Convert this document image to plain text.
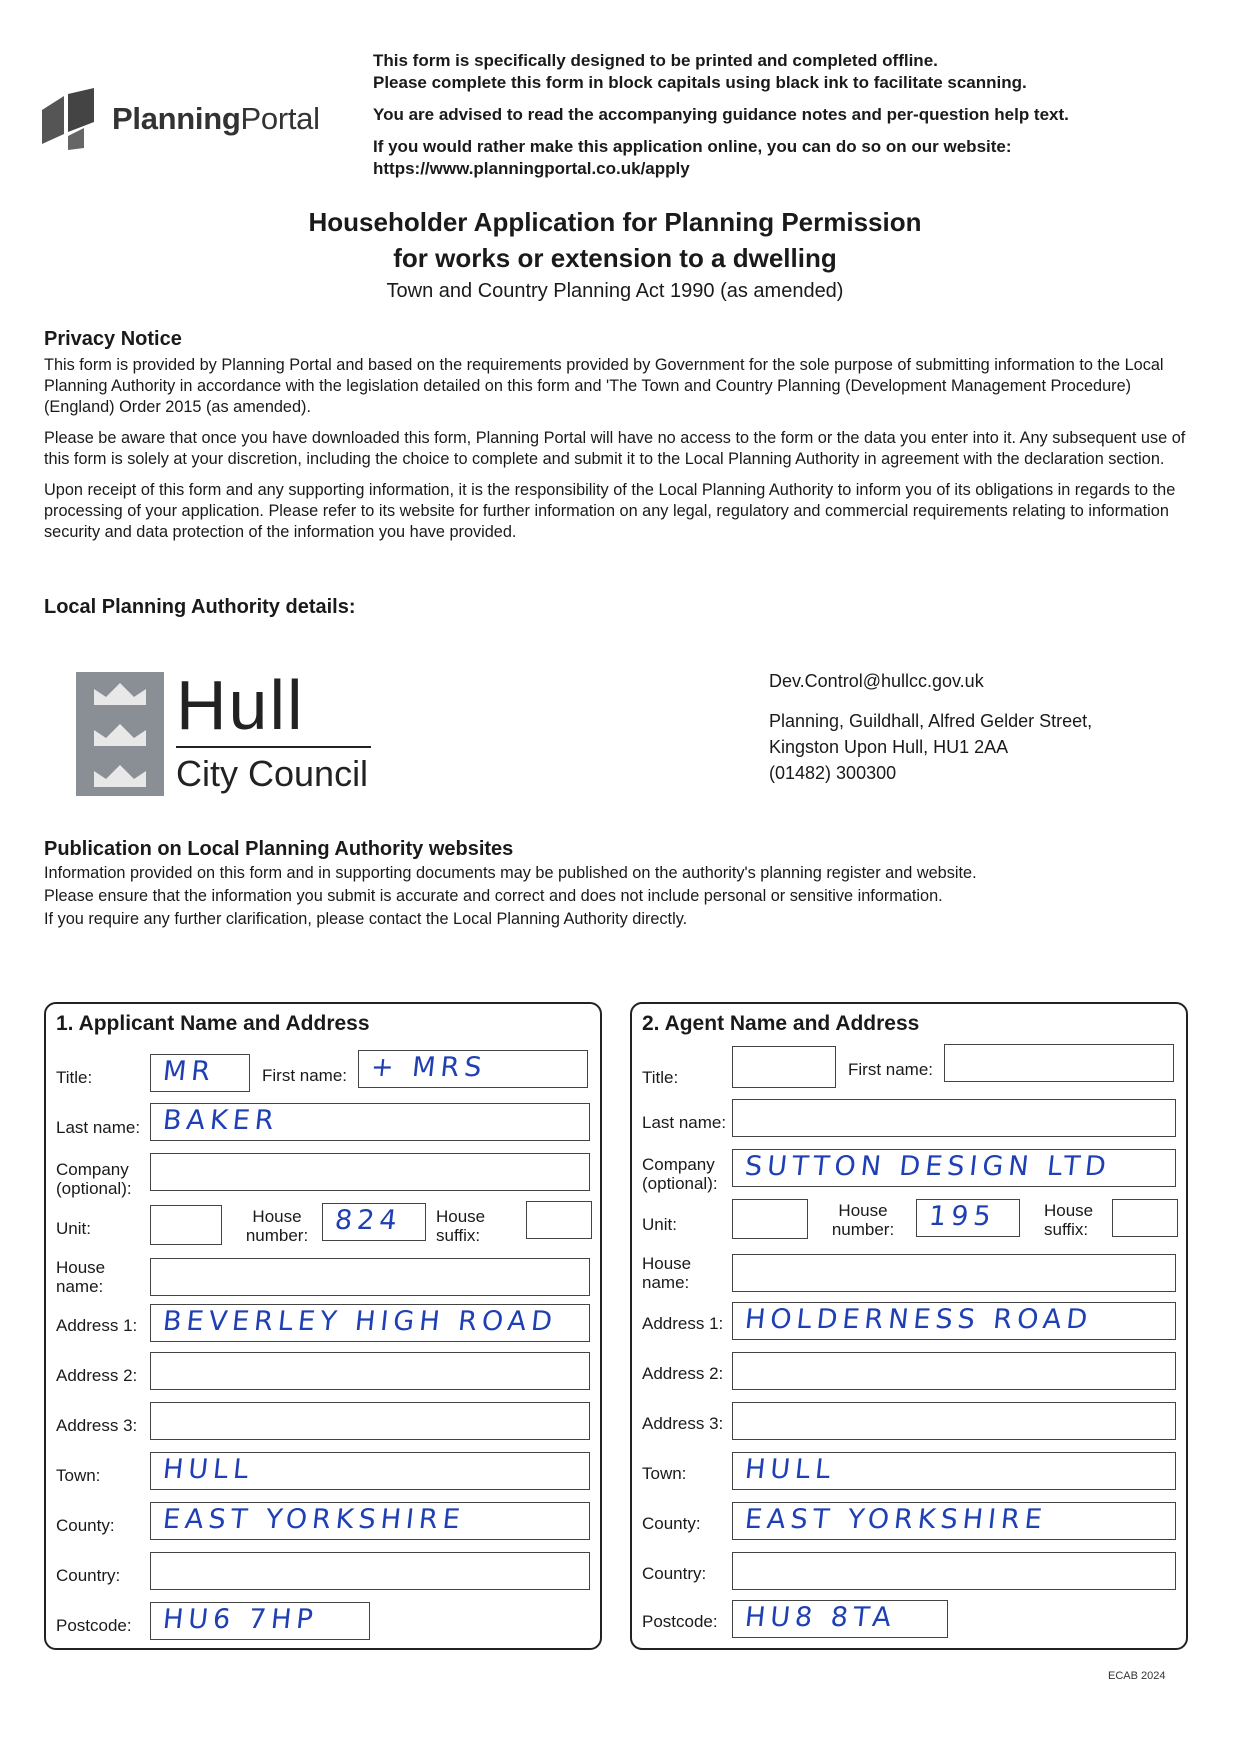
PlanningPortal

This form is specifically designed to be printed and completed offline.

Please complete this form in block capitals using black ink to facilitate scanning.

You are advised to read the accompanying guidance notes and per-question help text.

If you would rather make this application online, you can do so on our website:

https://www.planningportal.co.uk/apply

Householder Application for Planning Permission
for works or extension to a dwelling
Town and Country Planning Act 1990 (as amended)

Privacy Notice

This form is provided by Planning Portal and based on the requirements provided by Government for the sole purpose of submitting information to the Local Planning Authority in accordance with the legislation detailed on this form and 'The Town and Country Planning (Development Management Procedure) (England) Order 2015 (as amended).

Please be aware that once you have downloaded this form, Planning Portal will have no access to the form or the data you enter into it. Any subsequent use of this form is solely at your discretion, including the choice to complete and submit it to the Local Planning Authority in agreement with the declaration section.

Upon receipt of this form and any supporting information, it is the responsibility of the Local Planning Authority to inform you of its obligations in regards to the processing of your application. Please refer to its website for further information on any legal, regulatory and commercial requirements relating to information security and data protection of the information you have provided.

Local Planning Authority details:
Hull
City Council
Dev.Control@hullcc.gov.uk
Planning, Guildhall, Alfred Gelder Street,
Kingston Upon Hull, HU1 2AA
(01482) 300300

Publication on Local Planning Authority websites

Information provided on this form and in supporting documents may be published on the authority's planning register and website.

Please ensure that the information you submit is accurate and correct and does not include personal or sensitive information.

If you require any further clarification, please contact the Local Planning Authority directly.

1. Applicant Name and Address
Title:	MR	First name: + MRS
Last name: BAKER
Company (optional):
Unit:
House number: 824 House suffix:
House name:
Address 1: BEVERLEY HIGH ROAD
Address 2:
Address 3:
Town: HULL
County: EAST YORKSHIRE
Country:
Postcode: HU6 7HP
2. Agent Name and Address
Title:	First name:
Last name:
Company (optional):
SUTTON DESIGN LTD
Unit:
House number: 195	House suffix:
House name:
Address 1: HOLDERNESS ROAD
Address 2:
Address 3:
Town: HULL
County: EAST YORKSHIRE
Country:
Postcode: HU8 8TA
ECAB 2024
